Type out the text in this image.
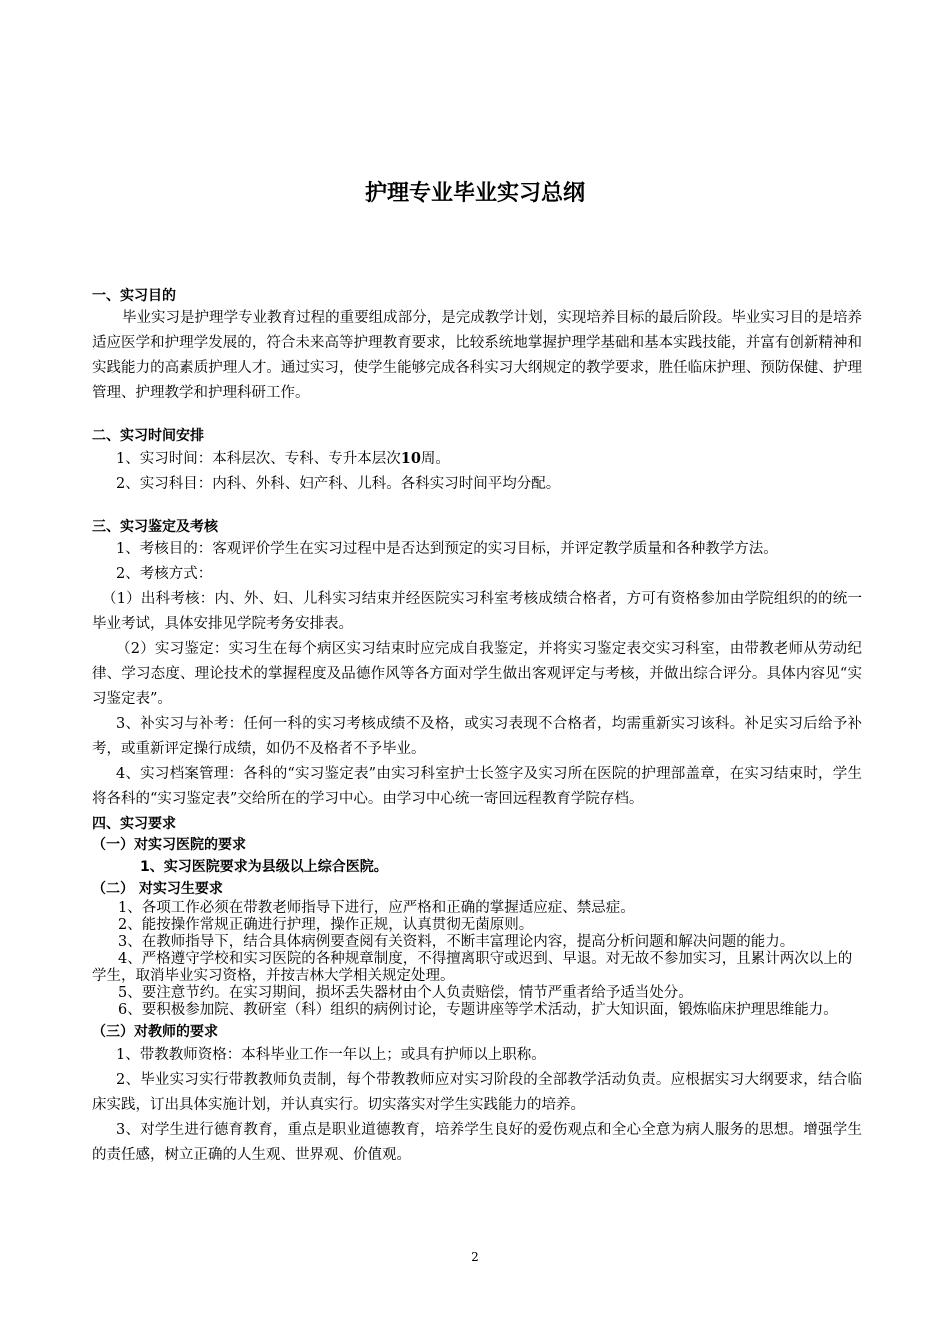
护理专业毕业实习总纲

一、实习目的

毕业实习是护理学专业教育过程的重要组成部分，是完成教学计划，实现培养目标的最后阶段。毕业实习目的是培养适应医学和护理学发展的，符合未来高等护理教育要求，比较系统地掌握护理学基础和基本实践技能，并富有创新精神和实践能力的高素质护理人才。通过实习，使学生能够完成各科实习大纲规定的教学要求，胜任临床护理、预防保健、护理管理、护理教学和护理科研工作。

二、实习时间安排

1、实习时间：本科层次、专科、专升本层次10周。

2、实习科目：内科、外科、妇产科、儿科。各科实习时间平均分配。

三、实习鉴定及考核

1、考核目的：客观评价学生在实习过程中是否达到预定的实习目标，并评定教学质量和各种教学方法。

2、考核方式：

（1）出科考核：内、外、妇、儿科实习结束并经医院实习科室考核成绩合格者，方可有资格参加由学院组织的的统一毕业考试，具体安排见学院考务安排表。

（2）实习鉴定：实习生在每个病区实习结束时应完成自我鉴定，并将实习鉴定表交实习科室，由带教老师从劳动纪律、学习态度、理论技术的掌握程度及品德作风等各方面对学生做出客观评定与考核，并做出综合评分。具体内容见“实习鉴定表”。

3、补实习与补考：任何一科的实习考核成绩不及格，或实习表现不合格者，均需重新实习该科。补足实习后给予补考，或重新评定操行成绩，如仍不及格者不予毕业。

4、实习档案管理：各科的“实习鉴定表”由实习科室护士长签字及实习所在医院的护理部盖章，在实习结束时，学生将各科的“实习鉴定表”交给所在的学习中心。由学习中心统一寄回远程教育学院存档。

四、实习要求

（一）对实习医院的要求

1、实习医院要求为县级以上综合医院。

（二） 对实习生要求

1、各项工作必须在带教老师指导下进行，应严格和正确的掌握适应症、禁忌症。

2、能按操作常规正确进行护理，操作正规，认真贯彻无菌原则。

3、在教师指导下，结合具体病例要查阅有关资料，不断丰富理论内容，提高分析问题和解决问题的能力。

4、严格遵守学校和实习医院的各种规章制度，不得擅离职守或迟到、早退。对无故不参加实习，且累计两次以上的学生，取消毕业实习资格，并按吉林大学相关规定处理。

5、要注意节约。在实习期间，损坏丢失器材由个人负责赔偿，情节严重者给予适当处分。

6、要积极参加院、教研室（科）组织的病例讨论，专题讲座等学术活动，扩大知识面，锻炼临床护理思维能力。

（三）对教师的要求

1、带教教师资格：本科毕业工作一年以上；或具有护师以上职称。

2、毕业实习实行带教教师负责制，每个带教教师应对实习阶段的全部教学活动负责。应根据实习大纲要求，结合临床实践，订出具体实施计划，并认真实行。切实落实对学生实践能力的培养。

3、对学生进行德育教育，重点是职业道德教育，培养学生良好的爱伤观点和全心全意为病人服务的思想。增强学生的责任感，树立正确的人生观、世界观、价值观。

2
